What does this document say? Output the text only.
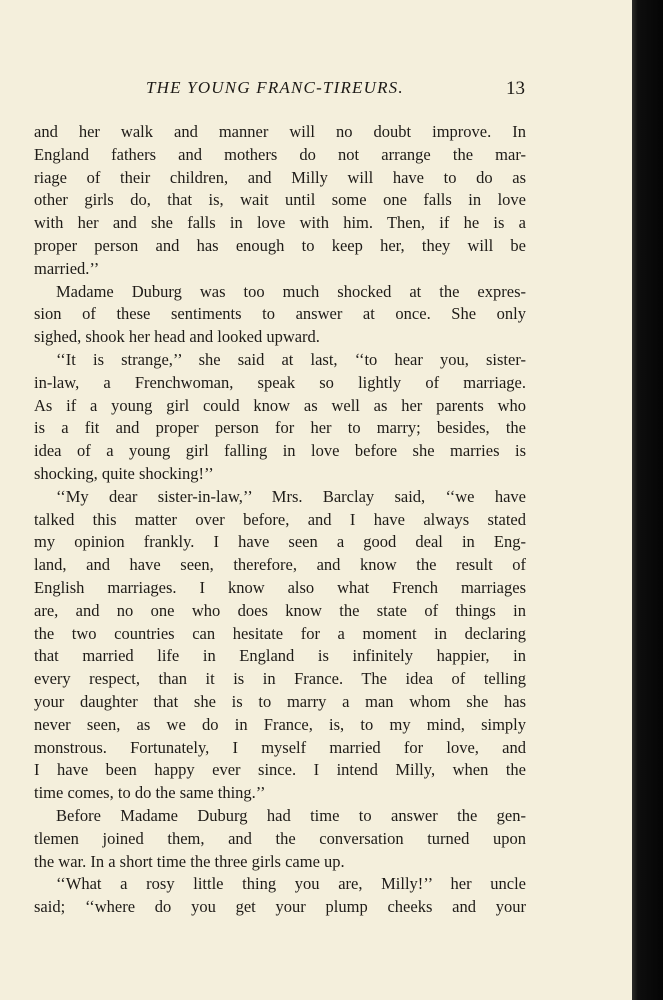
THE YOUNG FRANC-TIREURS.	13
and her walk and manner will no doubt improve. In
England fathers and mothers do not arrange the mar-
riage of their children, and Milly will have to do as
other girls do, that is, wait until some one falls in love
with her and she falls in love with him. Then, if he is a
proper person and has enough to keep her, they will be
married.’’
Madame Duburg was too much shocked at the expres-
sion of these sentiments to answer at once. She only
sighed, shook her head and looked upward.
‘‘It is strange,’’ she said at last, ‘‘to hear you, sister-
in-law, a Frenchwoman, speak so lightly of marriage.
As if a young girl could know as well as her parents who
is a fit and proper person for her to marry; besides, the
idea of a young girl falling in love before she marries is
shocking, quite shocking!’’
‘‘My dear sister-in-law,’’ Mrs. Barclay said, ‘‘we have
talked this matter over before, and I have always stated
my opinion frankly. I have seen a good deal in Eng-
land, and have seen, therefore, and know the result of
English marriages. I know also what French marriages
are, and no one who does know the state of things in
the two countries can hesitate for a moment in declaring
that married life in England is infinitely happier, in
every respect, than it is in France. The idea of telling
your daughter that she is to marry a man whom she has
never seen, as we do in France, is, to my mind, simply
monstrous. Fortunately, I myself married for love, and
I have been happy ever since. I intend Milly, when the
time comes, to do the same thing.’’
Before Madame Duburg had time to answer the gen-
tlemen joined them, and the conversation turned upon
the war. In a short time the three girls came up.
‘‘What a rosy little thing you are, Milly!’’ her uncle
said; ‘‘where do you get your plump cheeks and your
